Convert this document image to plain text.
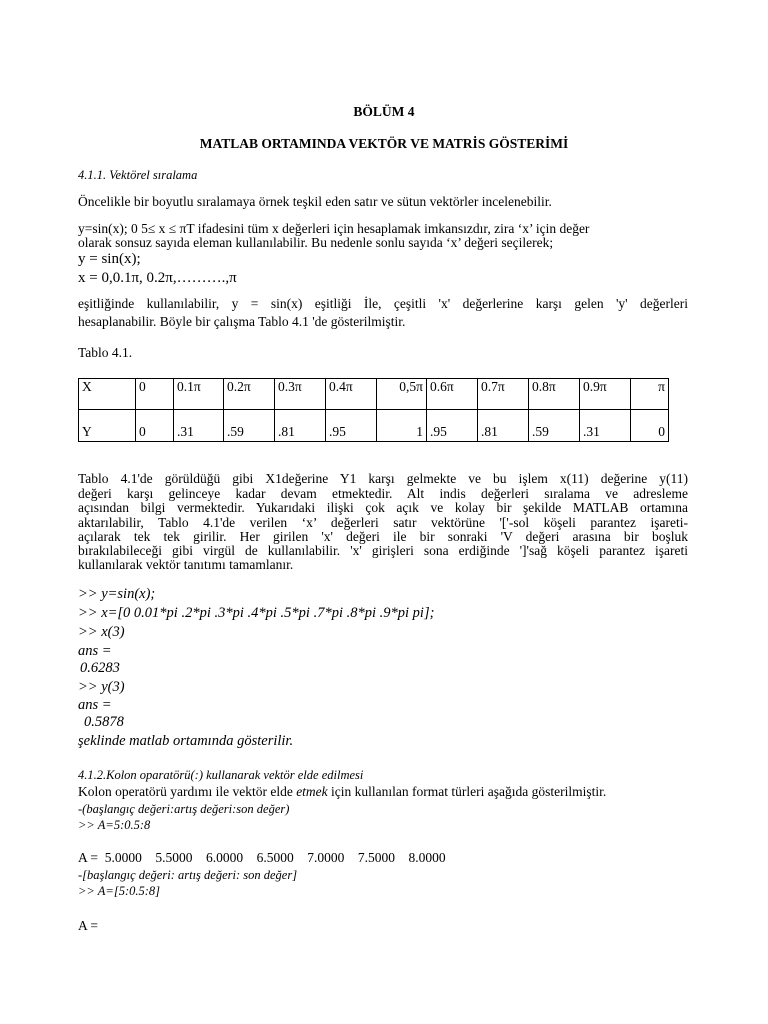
BÖLÜM 4
MATLAB ORTAMINDA VEKTÖR VE MATRİS GÖSTERİMİ
4.1.1. Vektörel sıralama
Öncelikle bir boyutlu sıralamaya örnek teşkil eden satır ve sütun vektörler incelenebilir.
y=sin(x); 0 5≤ x ≤ πT ifadesini tüm x değerleri için hesaplamak imkansızdır, zira ‘x’ için değer
olarak sonsuz sayıda eleman kullanılabilir. Bu nedenle sonlu sayıda ‘x’ değeri seçilerek;
y = sin(x);
x = 0,0.1π, 0.2π,……….,π
eşitliğinde kullanılabilir, y = sin(x) eşitliği İle, çeşitli 'x' değerlerine karşı gelen 'y' değerleri
hesaplanabilir. Böyle bir çalışma Tablo 4.1 'de gösterilmiştir.
Tablo 4.1.
X	0	0.1π	0.2π	0.3π	0.4π	0,5π	0.6π	0.7π	0.8π	0.9π	π
Y	0	.31	.59	.81	.95	1	.95	.81	.59	.31	0
Tablo 4.1'de görüldüğü gibi X1değerine Y1 karşı gelmekte ve bu işlem x(11) değerine y(11)
değeri karşı gelinceye kadar devam etmektedir. Alt indis değerleri sıralama ve adresleme
açısından bilgi vermektedir. Yukarıdaki ilişki çok açık ve kolay bir şekilde MATLAB ortamına
aktarılabilir, Tablo 4.1'de verilen ‘x’ değerleri satır vektörüne '['-sol köşeli parantez işareti-
açılarak tek tek girilir. Her girilen 'x' değeri ile bir sonraki 'V değeri arasına bir boşluk
bırakılabileceği gibi virgül de kullanılabilir. 'x' girişleri sona erdiğinde ']'sağ köşeli parantez işareti
kullanılarak vektör tanıtımı tamamlanır.
>> y=sin(x);
>> x=[0 0.01*pi .2*pi .3*pi .4*pi .5*pi .7*pi .8*pi .9*pi pi];
>> x(3)
ans =
0.6283
>> y(3)
ans =
0.5878
şeklinde matlab ortamında gösterilir.
4.1.2.Kolon oparatörü(:) kullanarak vektör elde edilmesi
Kolon operatörü yardımı ile vektör elde etmek için kullanılan format türleri aşağıda gösterilmiştir.
-(başlangıç değeri:artış değeri:son değer)
>> A=5:0.5:8
A =  5.0000    5.5000    6.0000    6.5000    7.0000    7.5000    8.0000
-[başlangıç değeri: artış değeri: son değer]
>> A=[5:0.5:8]
A =
